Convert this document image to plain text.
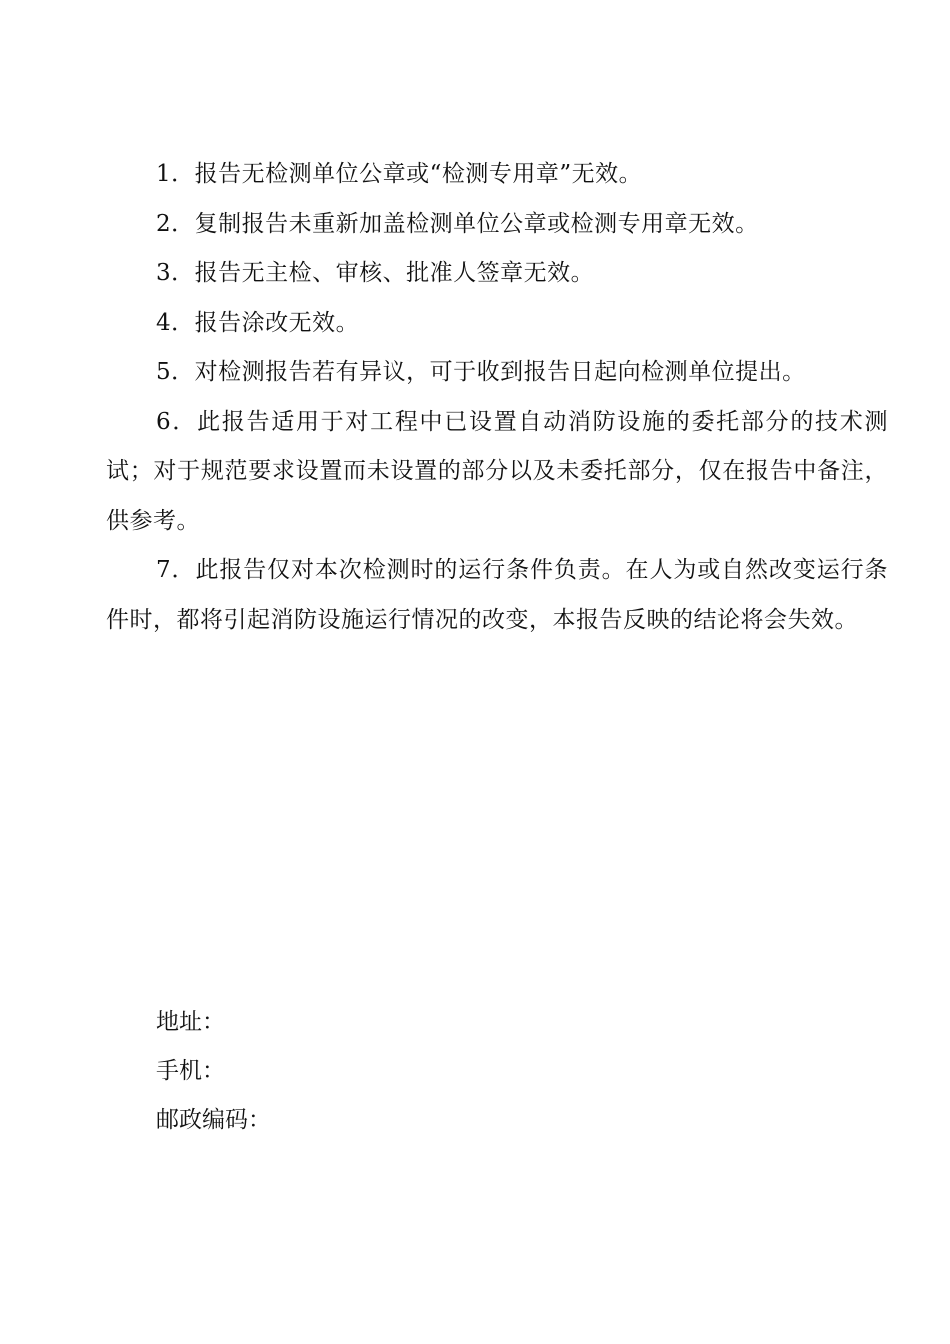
1．报告无检测单位公章或“检测专用章”无效。

2．复制报告未重新加盖检测单位公章或检测专用章无效。

3．报告无主检、审核、批准人签章无效。

4．报告涂改无效。

5．对检测报告若有异议，可于收到报告日起向检测单位提出。

6．此报告适用于对工程中已设置自动消防设施的委托部分的技术测试；对于规范要求设置而未设置的部分以及未委托部分，仅在报告中备注，供参考。

7．此报告仅对本次检测时的运行条件负责。在人为或自然改变运行条件时，都将引起消防设施运行情况的改变，本报告反映的结论将会失效。

地址：
手机：
邮政编码：
